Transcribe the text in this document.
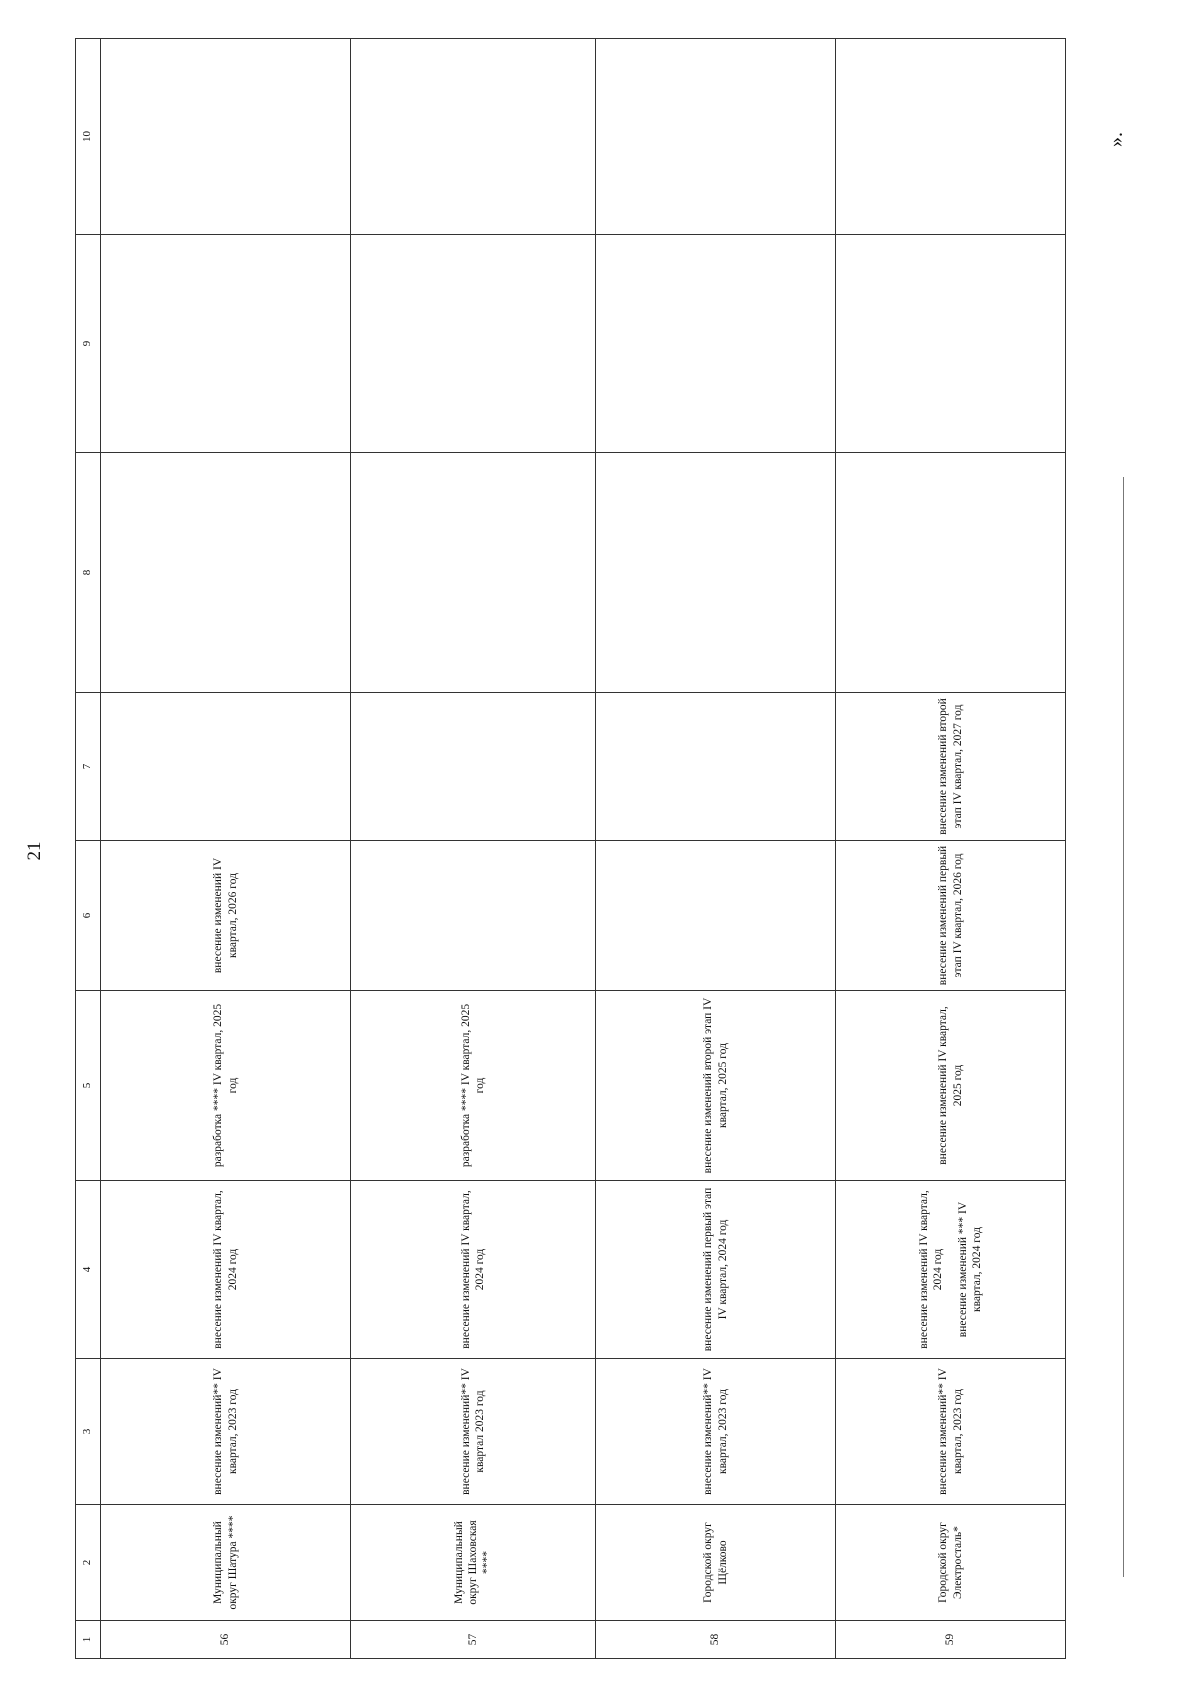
21
1	2	3	4	5	6	7	8	9	10
56	Муниципальный округ Шатура ****	внесение изменений** IV квартал, 2023 год	внесение изменений IV квартал, 2024 год	разработка **** IV квартал, 2025 год	внесение изменений IV квартал, 2026 год				

57	Муниципальный округ Шаховская ****	внесение изменений** IV квартал 2023 год	внесение изменений IV квартал, 2024 год	разработка **** IV квартал, 2025 год					

58	Городской округ Щёлково	внесение изменений** IV квартал, 2023 год	внесение изменений первый этап IV квартал, 2024 год	внесение изменений второй этап IV квартал, 2025 год					

59	Городской округ Электросталь*	внесение изменений** IV квартал, 2023 год	внесение изменений IV квартал, 2024 год внесение изменений *** IV квартал, 2024 год	внесение изменений IV квартал, 2025 год	внесение изменений первый этап IV квартал, 2026 год	внесение изменений второй этап IV квартал, 2027 год			

».
